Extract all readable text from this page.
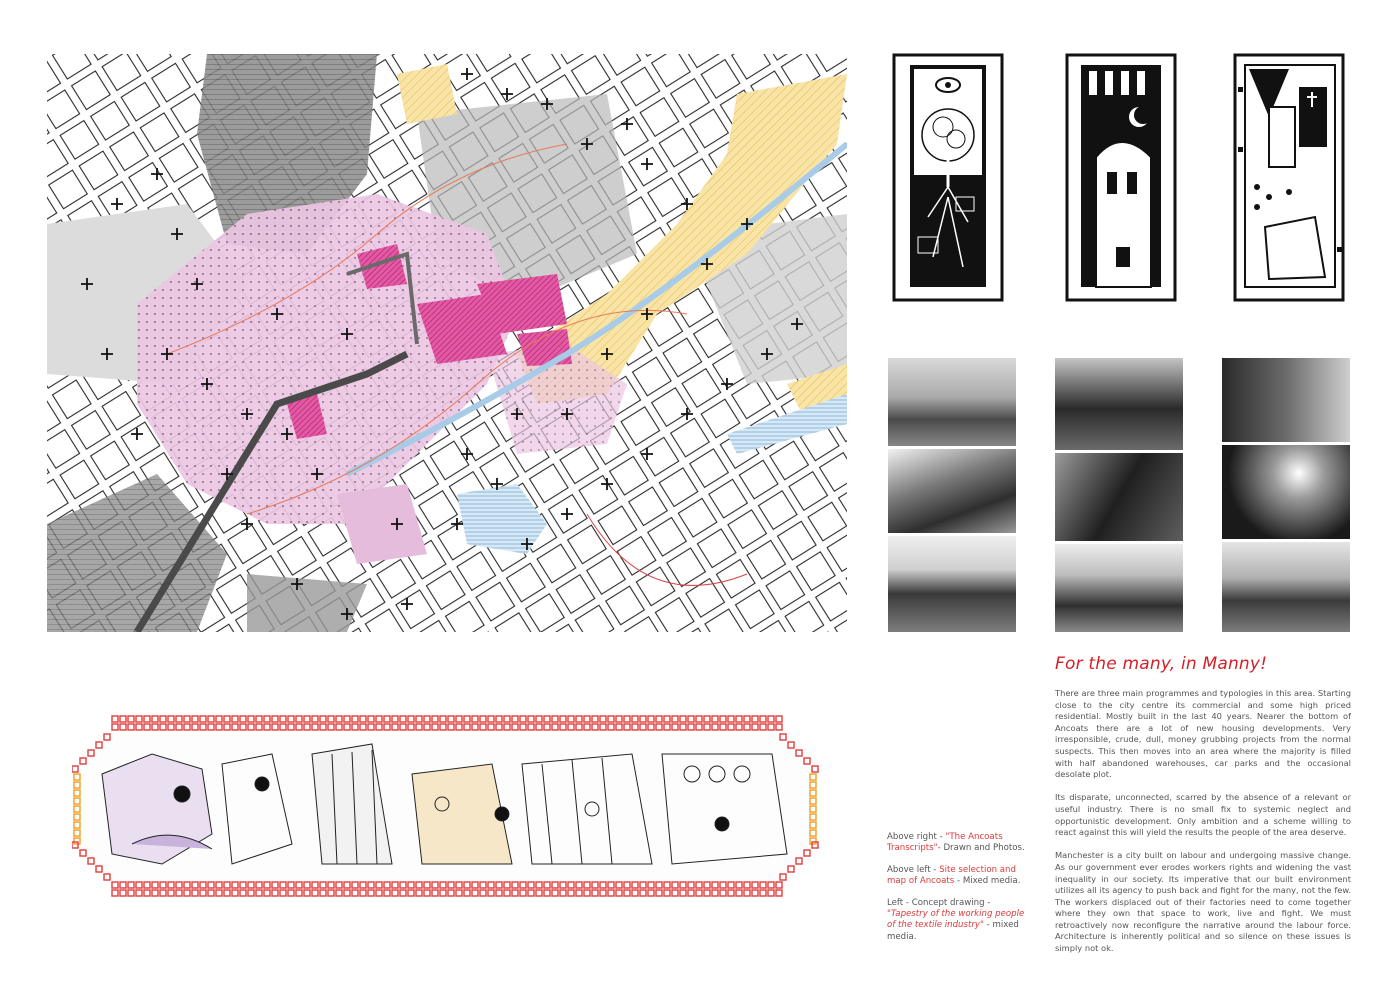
Above right - "The Ancoats Transcripts"- Drawn and Photos.

Above left - Site selection and map of Ancoats - Mixed media.

Left - Concept drawing - "Tapestry of the working people of the textile industry" - mixed media.

For the many, in Manny!

There are three main programmes and typologies in this area. Starting close to the city centre its commercial and some high priced residential. Mostly built in the last 40 years. Nearer the bottom of Ancoats there are a lot of new housing developments. Very irresponsible, crude, dull, money grubbing projects from the normal suspects. This then moves into an area where the majority is filled with half abandoned warehouses, car parks and the occasional desolate plot.

Its disparate, unconnected, scarred by the absence of a relevant or useful industry. There is no small fix to systemic neglect and opportunistic development. Only ambition and a scheme willing to react against this will yield the results the people of the area deserve.

Manchester is a city built on labour and undergoing massive change. As our government ever erodes workers rights and widening the vast inequality in our society. Its imperative that our built environment utilizes all its agency to push back and fight for the many, not the few. The workers displaced out of their factories need to come together where they own that space to work, live and fight. We must retroactively now reconfigure the narrative around the labour force. Architecture is inherently political and so silence on these issues is simply not ok.
